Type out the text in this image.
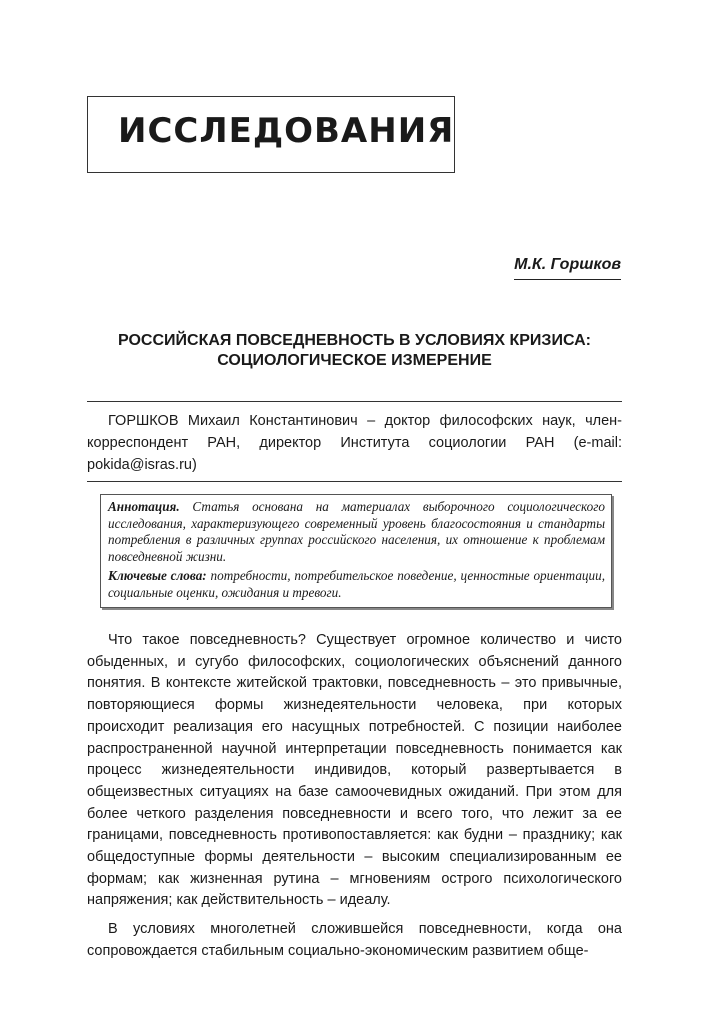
ИССЛЕДОВАНИЯ
М.К. Горшков
РОССИЙСКАЯ ПОВСЕДНЕВНОСТЬ В УСЛОВИЯХ КРИЗИСА:
СОЦИОЛОГИЧЕСКОЕ ИЗМЕРЕНИЕ
ГОРШКОВ Михаил Константинович – доктор философских наук, член-корреспондент РАН, директор Института социологии РАН (e-mail: pokida@isras.ru)

Аннотация. Статья основана на материалах выборочного социологического исследования, характеризующего современный уровень благосостояния и стандарты потребления в различных группах российского населения, их отношение к проблемам повседневной жизни.

Ключевые слова: потребности, потребительское поведение, ценностные ориентации, социальные оценки, ожидания и тревоги.

Что такое повседневность? Существует огромное количество и чисто обыденных, и сугубо философских, социологических объяснений данного понятия. В контексте житейской трактовки, повседневность – это привычные, повторяющиеся формы жизнедеятельности человека, при которых происходит реализация его насущных потребностей. С позиции наиболее распространенной научной интерпретации повседневность понимается как процесс жизнедеятельности индивидов, который развертывается в общеизвестных ситуациях на базе самоочевидных ожиданий. При этом для более четкого разделения повседневности и всего того, что лежит за ее границами, повседневность противопоставляется: как будни – празднику; как общедоступные формы деятельности – высоким специализированным ее формам; как жизненная рутина – мгновениям острого психологического напряжения; как действительность – идеалу.

В условиях многолетней сложившейся повседневности, когда она сопровождается стабильным социально-экономическим развитием обще-
